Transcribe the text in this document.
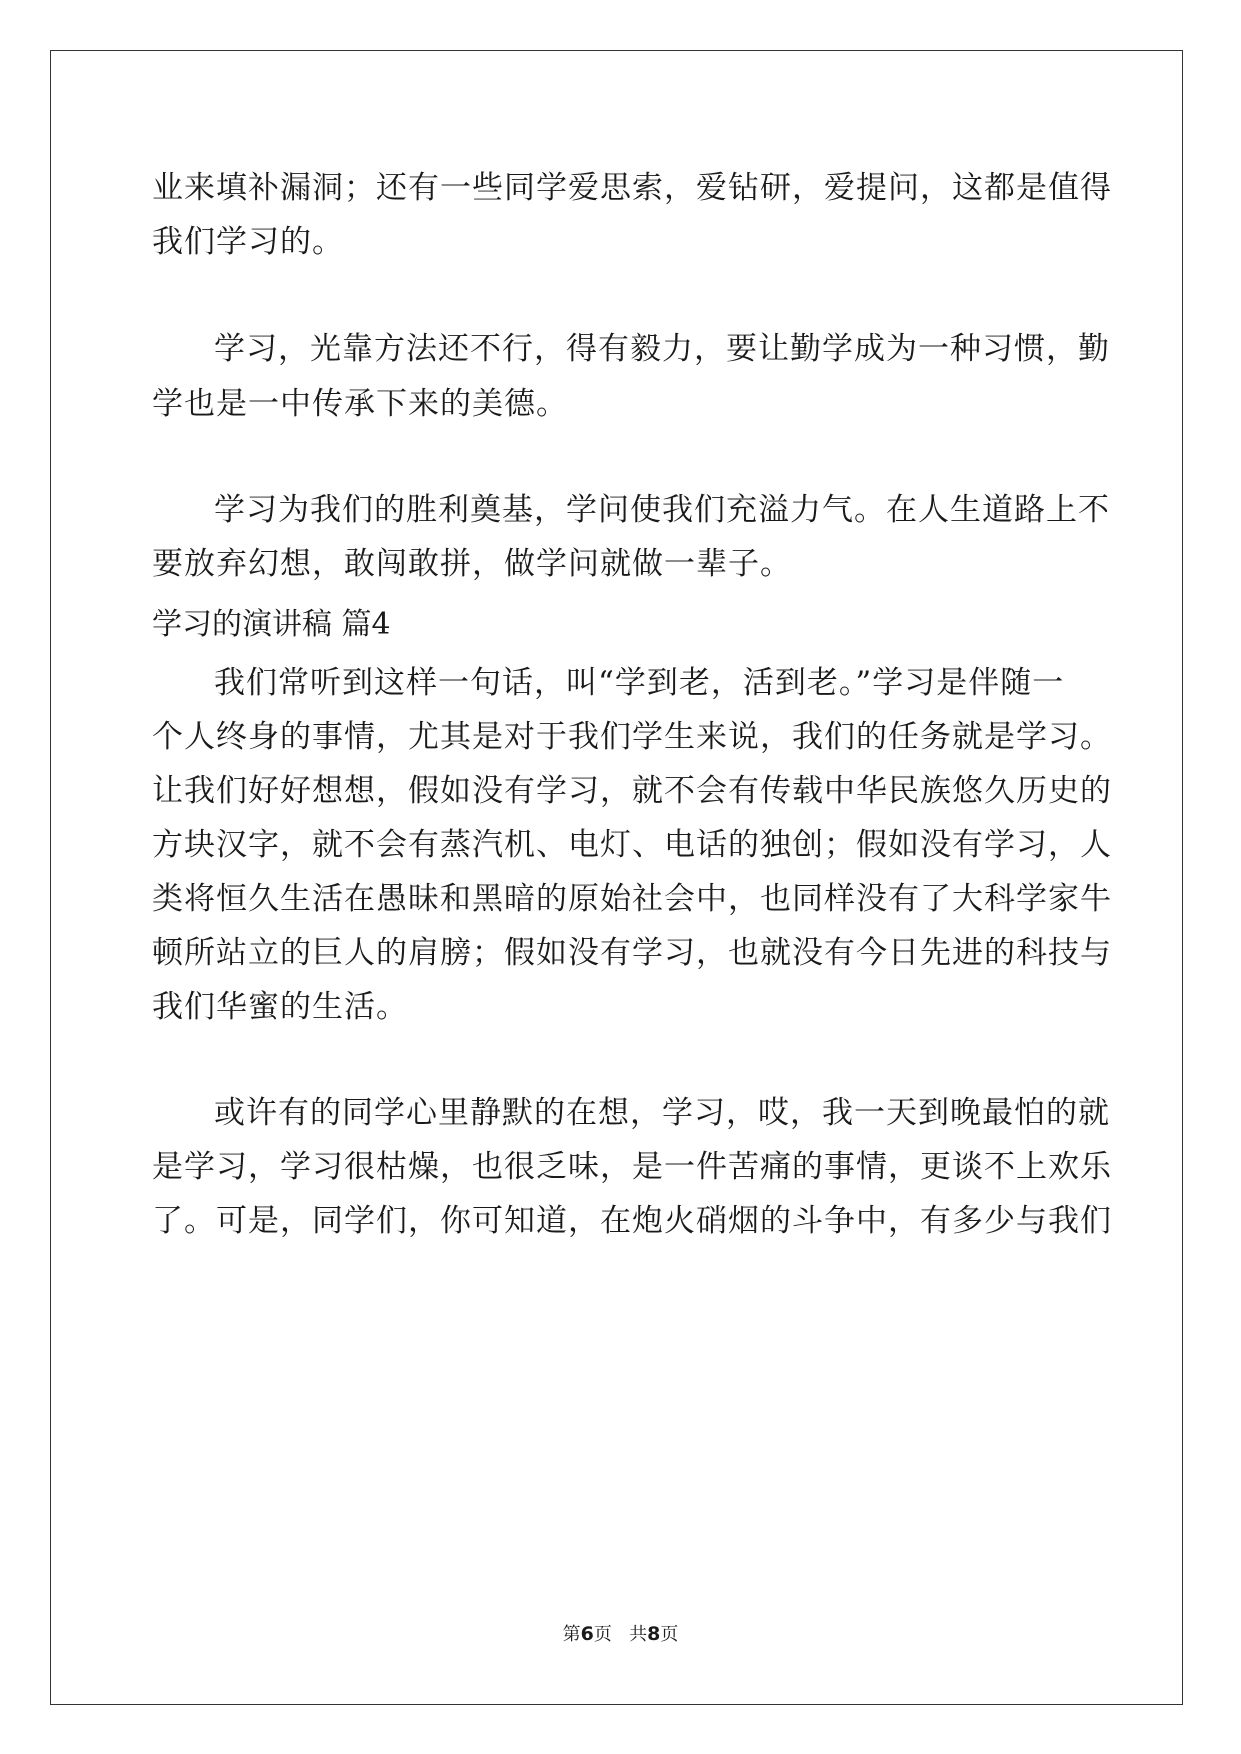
业来填补漏洞；还有一些同学爱思索，爱钻研，爱提问，这都是值得
我们学习的。
学习，光靠方法还不行，得有毅力，要让勤学成为一种习惯，勤
学也是一中传承下来的美德。
学习为我们的胜利奠基，学问使我们充溢力气。在人生道路上不
要放弃幻想，敢闯敢拼，做学问就做一辈子。
学习的演讲稿 篇4
我们常听到这样一句话，叫“学到老，活到老。”学习是伴随一
个人终身的事情，尤其是对于我们学生来说，我们的任务就是学习。
让我们好好想想，假如没有学习，就不会有传载中华民族悠久历史的
方块汉字，就不会有蒸汽机、电灯、电话的独创；假如没有学习，人
类将恒久生活在愚昧和黑暗的原始社会中，也同样没有了大科学家牛
顿所站立的巨人的肩膀；假如没有学习，也就没有今日先进的科技与
我们华蜜的生活。
或许有的同学心里静默的在想，学习，哎，我一天到晚最怕的就
是学习，学习很枯燥，也很乏味，是一件苦痛的事情，更谈不上欢乐
了。可是，同学们，你可知道，在炮火硝烟的斗争中，有多少与我们
第6页   共8页
